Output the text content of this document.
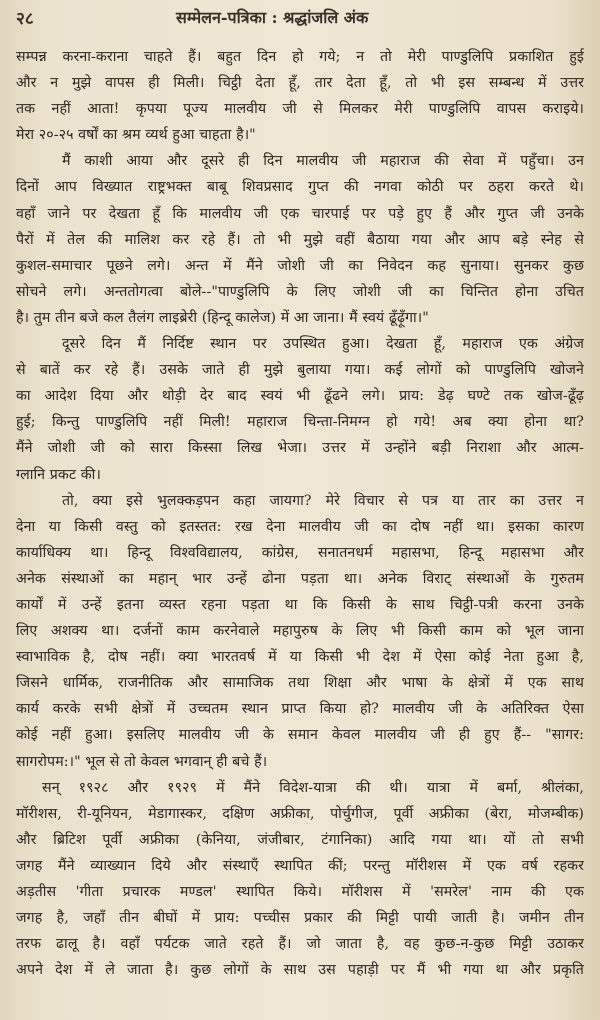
२८	सम्मेलन-पत्रिका : श्रद्धांजलि अंक
सम्पन्न करना-कराना चाहते हैं। बहुत दिन हो गये; न तो मेरी पाण्डुलिपि प्रकाशित हुई
और न मुझे वापस ही मिली। चिट्ठी देता हूँ, तार देता हूँ, तो भी इस सम्बन्ध में उत्तर
तक नहीं आता! कृपया पूज्य मालवीय जी से मिलकर मेरी पाण्डुलिपि वापस कराइये।
मेरा २०-२५ वर्षों का श्रम व्यर्थ हुआ चाहता है।"
मैं काशी आया और दूसरे ही दिन मालवीय जी महाराज की सेवा में पहुँचा। उन
दिनों आप विख्यात राष्ट्रभक्त बाबू शिवप्रसाद गुप्त की नगवा कोठी पर ठहरा करते थे।
वहाँ जाने पर देखता हूँ कि मालवीय जी एक चारपाई पर पड़े हुए हैं और गुप्त जी उनके
पैरों में तेल की मालिश कर रहे हैं। तो भी मुझे वहीं बैठाया गया और आप बड़े स्नेह से
कुशल-समाचार पूछने लगे। अन्त में मैंने जोशी जी का निवेदन कह सुनाया। सुनकर कुछ
सोचने लगे। अन्ततोगत्वा बोले--"पाण्डुलिपि के लिए जोशी जी का चिन्तित होना उचित
है। तुम तीन बजे कल तैलंग लाइब्रेरी (हिन्दू कालेज) में आ जाना। मैं स्वयं ढूँढ़ूँगा।"
दूसरे दिन मैं निर्दिष्ट स्थान पर उपस्थित हुआ। देखता हूँ, महाराज एक अंग्रेज
से बातें कर रहे हैं। उसके जाते ही मुझे बुलाया गया। कई लोगों को पाण्डुलिपि खोजने
का आदेश दिया और थोड़ी देर बाद स्वयं भी ढूँढने लगे। प्राय: डेढ़ घण्टे तक खोज-ढूँढ़
हुई; किन्तु पाण्डुलिपि नहीं मिली! महाराज चिन्ता-निमग्न हो गये! अब क्या होना था?
मैंने जोशी जी को सारा किस्सा लिख भेजा। उत्तर में उन्होंने बड़ी निराशा और आत्म-
ग्लानि प्रकट की।
तो, क्या इसे भुलक्कड़पन कहा जायगा? मेरे विचार से पत्र या तार का उत्तर न
देना या किसी वस्तु को इतस्तत: रख देना मालवीय जी का दोष नहीं था। इसका कारण
कार्याधिक्य था। हिन्दू विश्वविद्यालय, कांग्रेस, सनातनधर्म महासभा, हिन्दू महासभा और
अनेक संस्थाओं का महान् भार उन्हें ढोना पड़ता था। अनेक विराट् संस्थाओं के गुरुतम
कार्यों में उन्हें इतना व्यस्त रहना पड़ता था कि किसी के साथ चिट्ठी-पत्री करना उनके
लिए अशक्य था। दर्जनों काम करनेवाले महापुरुष के लिए भी किसी काम को भूल जाना
स्वाभाविक है, दोष नहीं। क्या भारतवर्ष में या किसी भी देश में ऐसा कोई नेता हुआ है,
जिसने धार्मिक, राजनीतिक और सामाजिक तथा शिक्षा और भाषा के क्षेत्रों में एक साथ
कार्य करके सभी क्षेत्रों में उच्चतम स्थान प्राप्त किया हो? मालवीय जी के अतिरिक्त ऐसा
कोई नहीं हुआ। इसलिए मालवीय जी के समान केवल मालवीय जी ही हुए हैं-- "सागर:
सागरोपम:।" भूल से तो केवल भगवान् ही बचे हैं।
सन् १९२८ और १९२९ में मैंने विदेश-यात्रा की थी। यात्रा में बर्मा, श्रीलंका,
मॉरीशस, री-यूनियन, मेडागास्कर, दक्षिण अफ्रीका, पोर्चुगीज, पूर्वी अफ्रीका (बेरा, मोजम्बीक)
और ब्रिटिश पूर्वी अफ्रीका (केनिया, जंजीबार, टंगानिका) आदि गया था। यों तो सभी
जगह मैंने व्याख्यान दिये और संस्थाएँ स्थापित कीं; परन्तु मॉरीशस में एक वर्ष रहकर
अड़तीस 'गीता प्रचारक मण्डल' स्थापित किये। मॉरीशस में 'समरेल' नाम की एक
जगह है, जहाँ तीन बीघों में प्राय: पच्चीस प्रकार की मिट्टी पायी जाती है। जमीन तीन
तरफ ढालू है। वहाँ पर्यटक जाते रहते हैं। जो जाता है, वह कुछ-न-कुछ मिट्टी उठाकर
अपने देश में ले जाता है। कुछ लोगों के साथ उस पहाड़ी पर मैं भी गया था और प्रकृति
